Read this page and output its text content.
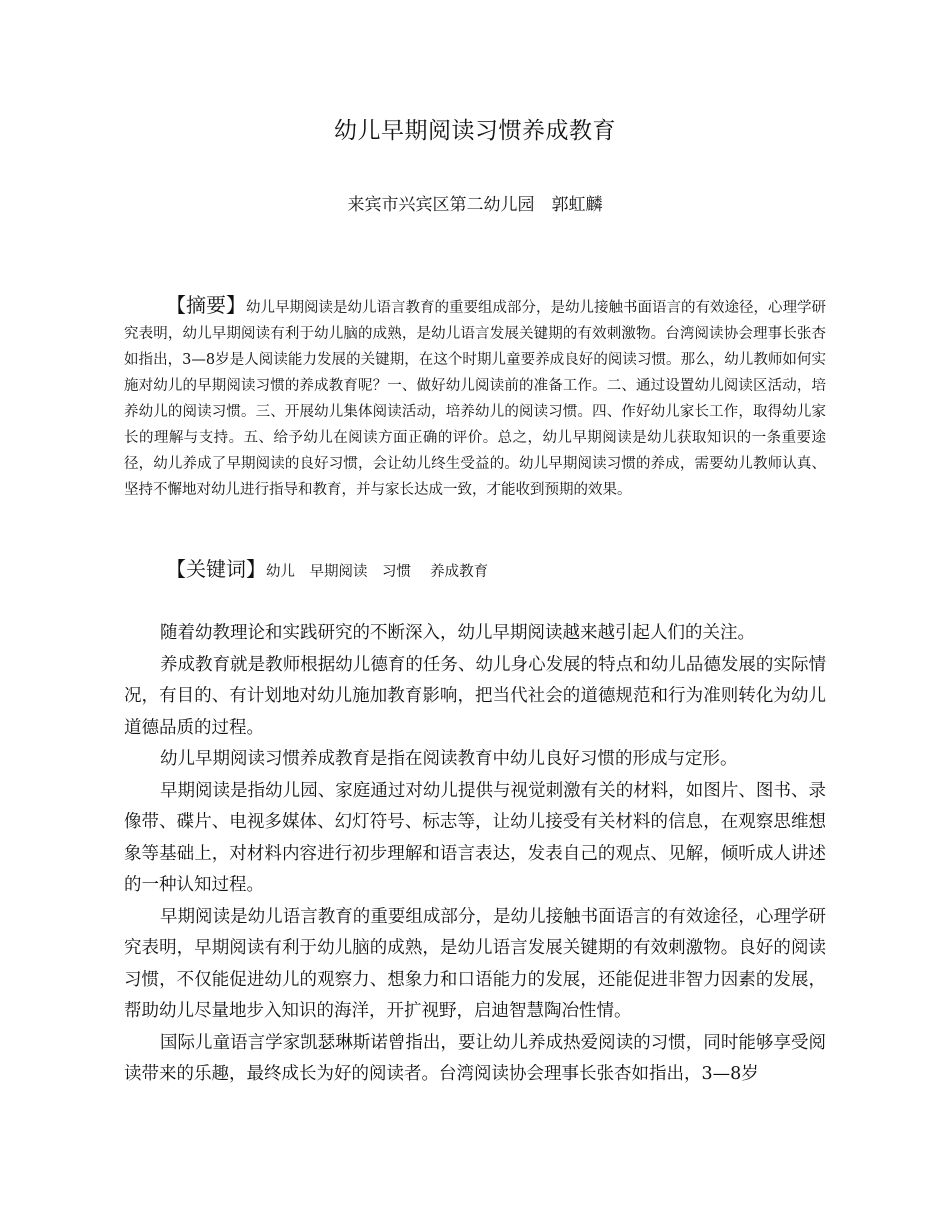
幼儿早期阅读习惯养成教育
来宾市兴宾区第二幼儿园　郭虹麟
【摘要】幼儿早期阅读是幼儿语言教育的重要组成部分，是幼儿接触书面语言的有效途径，心理学研究表明，幼儿早期阅读有利于幼儿脑的成熟，是幼儿语言发展关键期的有效刺激物。台湾阅读协会理事长张杏如指出，3—8岁是人阅读能力发展的关键期，在这个时期儿童要养成良好的阅读习惯。那么，幼儿教师如何实施对幼儿的早期阅读习惯的养成教育呢？一、做好幼儿阅读前的准备工作。二、通过设置幼儿阅读区活动，培养幼儿的阅读习惯。三、开展幼儿集体阅读活动，培养幼儿的阅读习惯。四、作好幼儿家长工作，取得幼儿家长的理解与支持。五、给予幼儿在阅读方面正确的评价。总之，幼儿早期阅读是幼儿获取知识的一条重要途径，幼儿养成了早期阅读的良好习惯，会让幼儿终生受益的。幼儿早期阅读习惯的养成，需要幼儿教师认真、坚持不懈地对幼儿进行指导和教育，并与家长达成一致，才能收到预期的效果。
【关键词】幼儿　早期阅读　习惯　 养成教育

随着幼教理论和实践研究的不断深入，幼儿早期阅读越来越引起人们的关注。

养成教育就是教师根据幼儿德育的任务、幼儿身心发展的特点和幼儿品德发展的实际情况，有目的、有计划地对幼儿施加教育影响，把当代社会的道德规范和行为准则转化为幼儿道德品质的过程。

幼儿早期阅读习惯养成教育是指在阅读教育中幼儿良好习惯的形成与定形。

早期阅读是指幼儿园、家庭通过对幼儿提供与视觉刺激有关的材料，如图片、图书、录像带、碟片、电视多媒体、幻灯符号、标志等，让幼儿接受有关材料的信息，在观察思维想象等基础上，对材料内容进行初步理解和语言表达，发表自己的观点、见解，倾听成人讲述的一种认知过程。

早期阅读是幼儿语言教育的重要组成部分，是幼儿接触书面语言的有效途径，心理学研究表明，早期阅读有利于幼儿脑的成熟，是幼儿语言发展关键期的有效刺激物。良好的阅读习惯，不仅能促进幼儿的观察力、想象力和口语能力的发展，还能促进非智力因素的发展，帮助幼儿尽量地步入知识的海洋，开扩视野，启迪智慧陶冶性情。

国际儿童语言学家凯瑟琳斯诺曾指出，要让幼儿养成热爱阅读的习惯，同时能够享受阅读带来的乐趣，最终成长为好的阅读者。台湾阅读协会理事长张杏如指出，3—8岁
